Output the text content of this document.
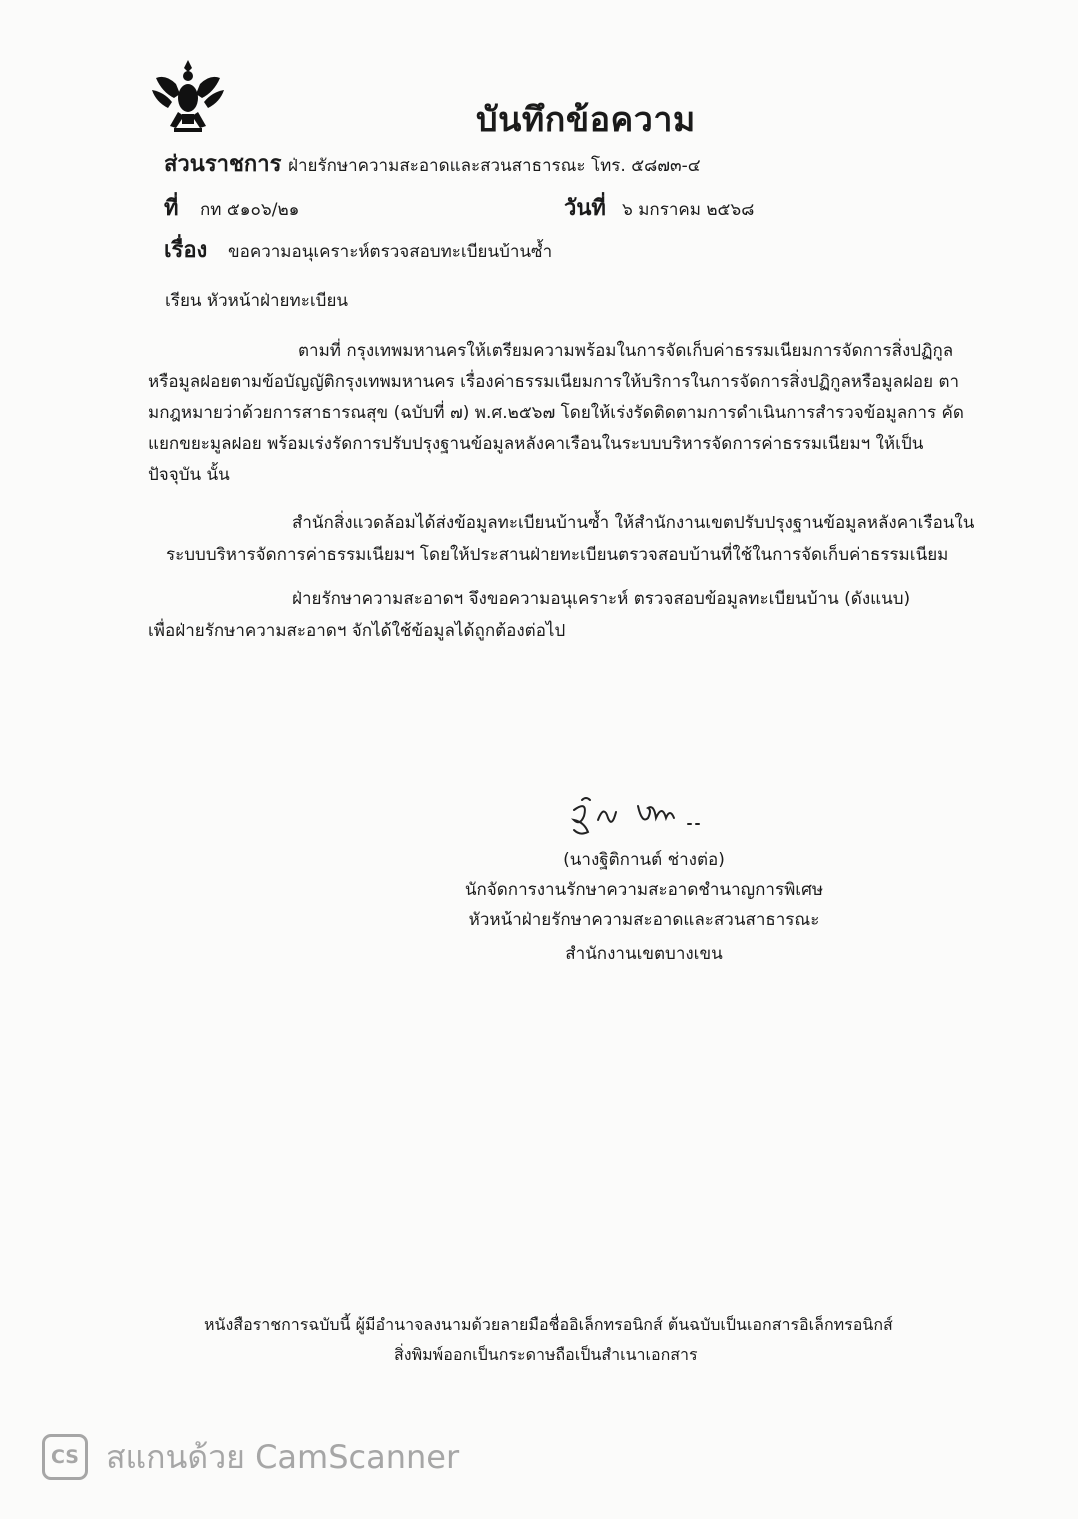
บันทึกข้อความ
ส่วนราชการ ฝ่ายรักษาความสะอาดและสวนสาธารณะ โทร. ๕๘๗๓-๔
ที่ กท ๕๑๐๖/๒๑	วันที่ ๖ มกราคม ๒๕๖๘
เรื่อง ขอความอนุเคราะห์ตรวจสอบทะเบียนบ้านซ้ำ
เรียน หัวหน้าฝ่ายทะเบียน
ตามที่ กรุงเทพมหานครให้เตรียมความพร้อมในการจัดเก็บค่าธรรมเนียมการจัดการสิ่งปฏิกูล
หรือมูลฝอยตามข้อบัญญัติกรุงเทพมหานคร เรื่องค่าธรรมเนียมการให้บริการในการจัดการสิ่งปฏิกูลหรือมูลฝอย ตา
มกฎหมายว่าด้วยการสาธารณสุข (ฉบับที่ ๗) พ.ศ.๒๕๖๗ โดยให้เร่งรัดติดตามการดำเนินการสำรวจข้อมูลการ คัด
แยกขยะมูลฝอย พร้อมเร่งรัดการปรับปรุงฐานข้อมูลหลังคาเรือนในระบบบริหารจัดการค่าธรรมเนียมฯ ให้เป็น
ปัจจุบัน นั้น
สำนักสิ่งแวดล้อมได้ส่งข้อมูลทะเบียนบ้านซ้ำ ให้สำนักงานเขตปรับปรุงฐานข้อมูลหลังคาเรือนใน
ระบบบริหารจัดการค่าธรรมเนียมฯ โดยให้ประสานฝ่ายทะเบียนตรวจสอบบ้านที่ใช้ในการจัดเก็บค่าธรรมเนียม
ฝ่ายรักษาความสะอาดฯ จึงขอความอนุเคราะห์ ตรวจสอบข้อมูลทะเบียนบ้าน (ดังแนบ)
เพื่อฝ่ายรักษาความสะอาดฯ จักได้ใช้ข้อมูลได้ถูกต้องต่อไป
(นางฐิติกานต์ ช่างต่อ)
นักจัดการงานรักษาความสะอาดชำนาญการพิเศษ
หัวหน้าฝ่ายรักษาความสะอาดและสวนสาธารณะ
สำนักงานเขตบางเขน
หนังสือราชการฉบับนี้ ผู้มีอำนาจลงนามด้วยลายมือชื่ออิเล็กทรอนิกส์ ต้นฉบับเป็นเอกสารอิเล็กทรอนิกส์
สิ่งพิมพ์ออกเป็นกระดาษถือเป็นสำเนาเอกสาร
CS สแกนด้วย CamScanner
